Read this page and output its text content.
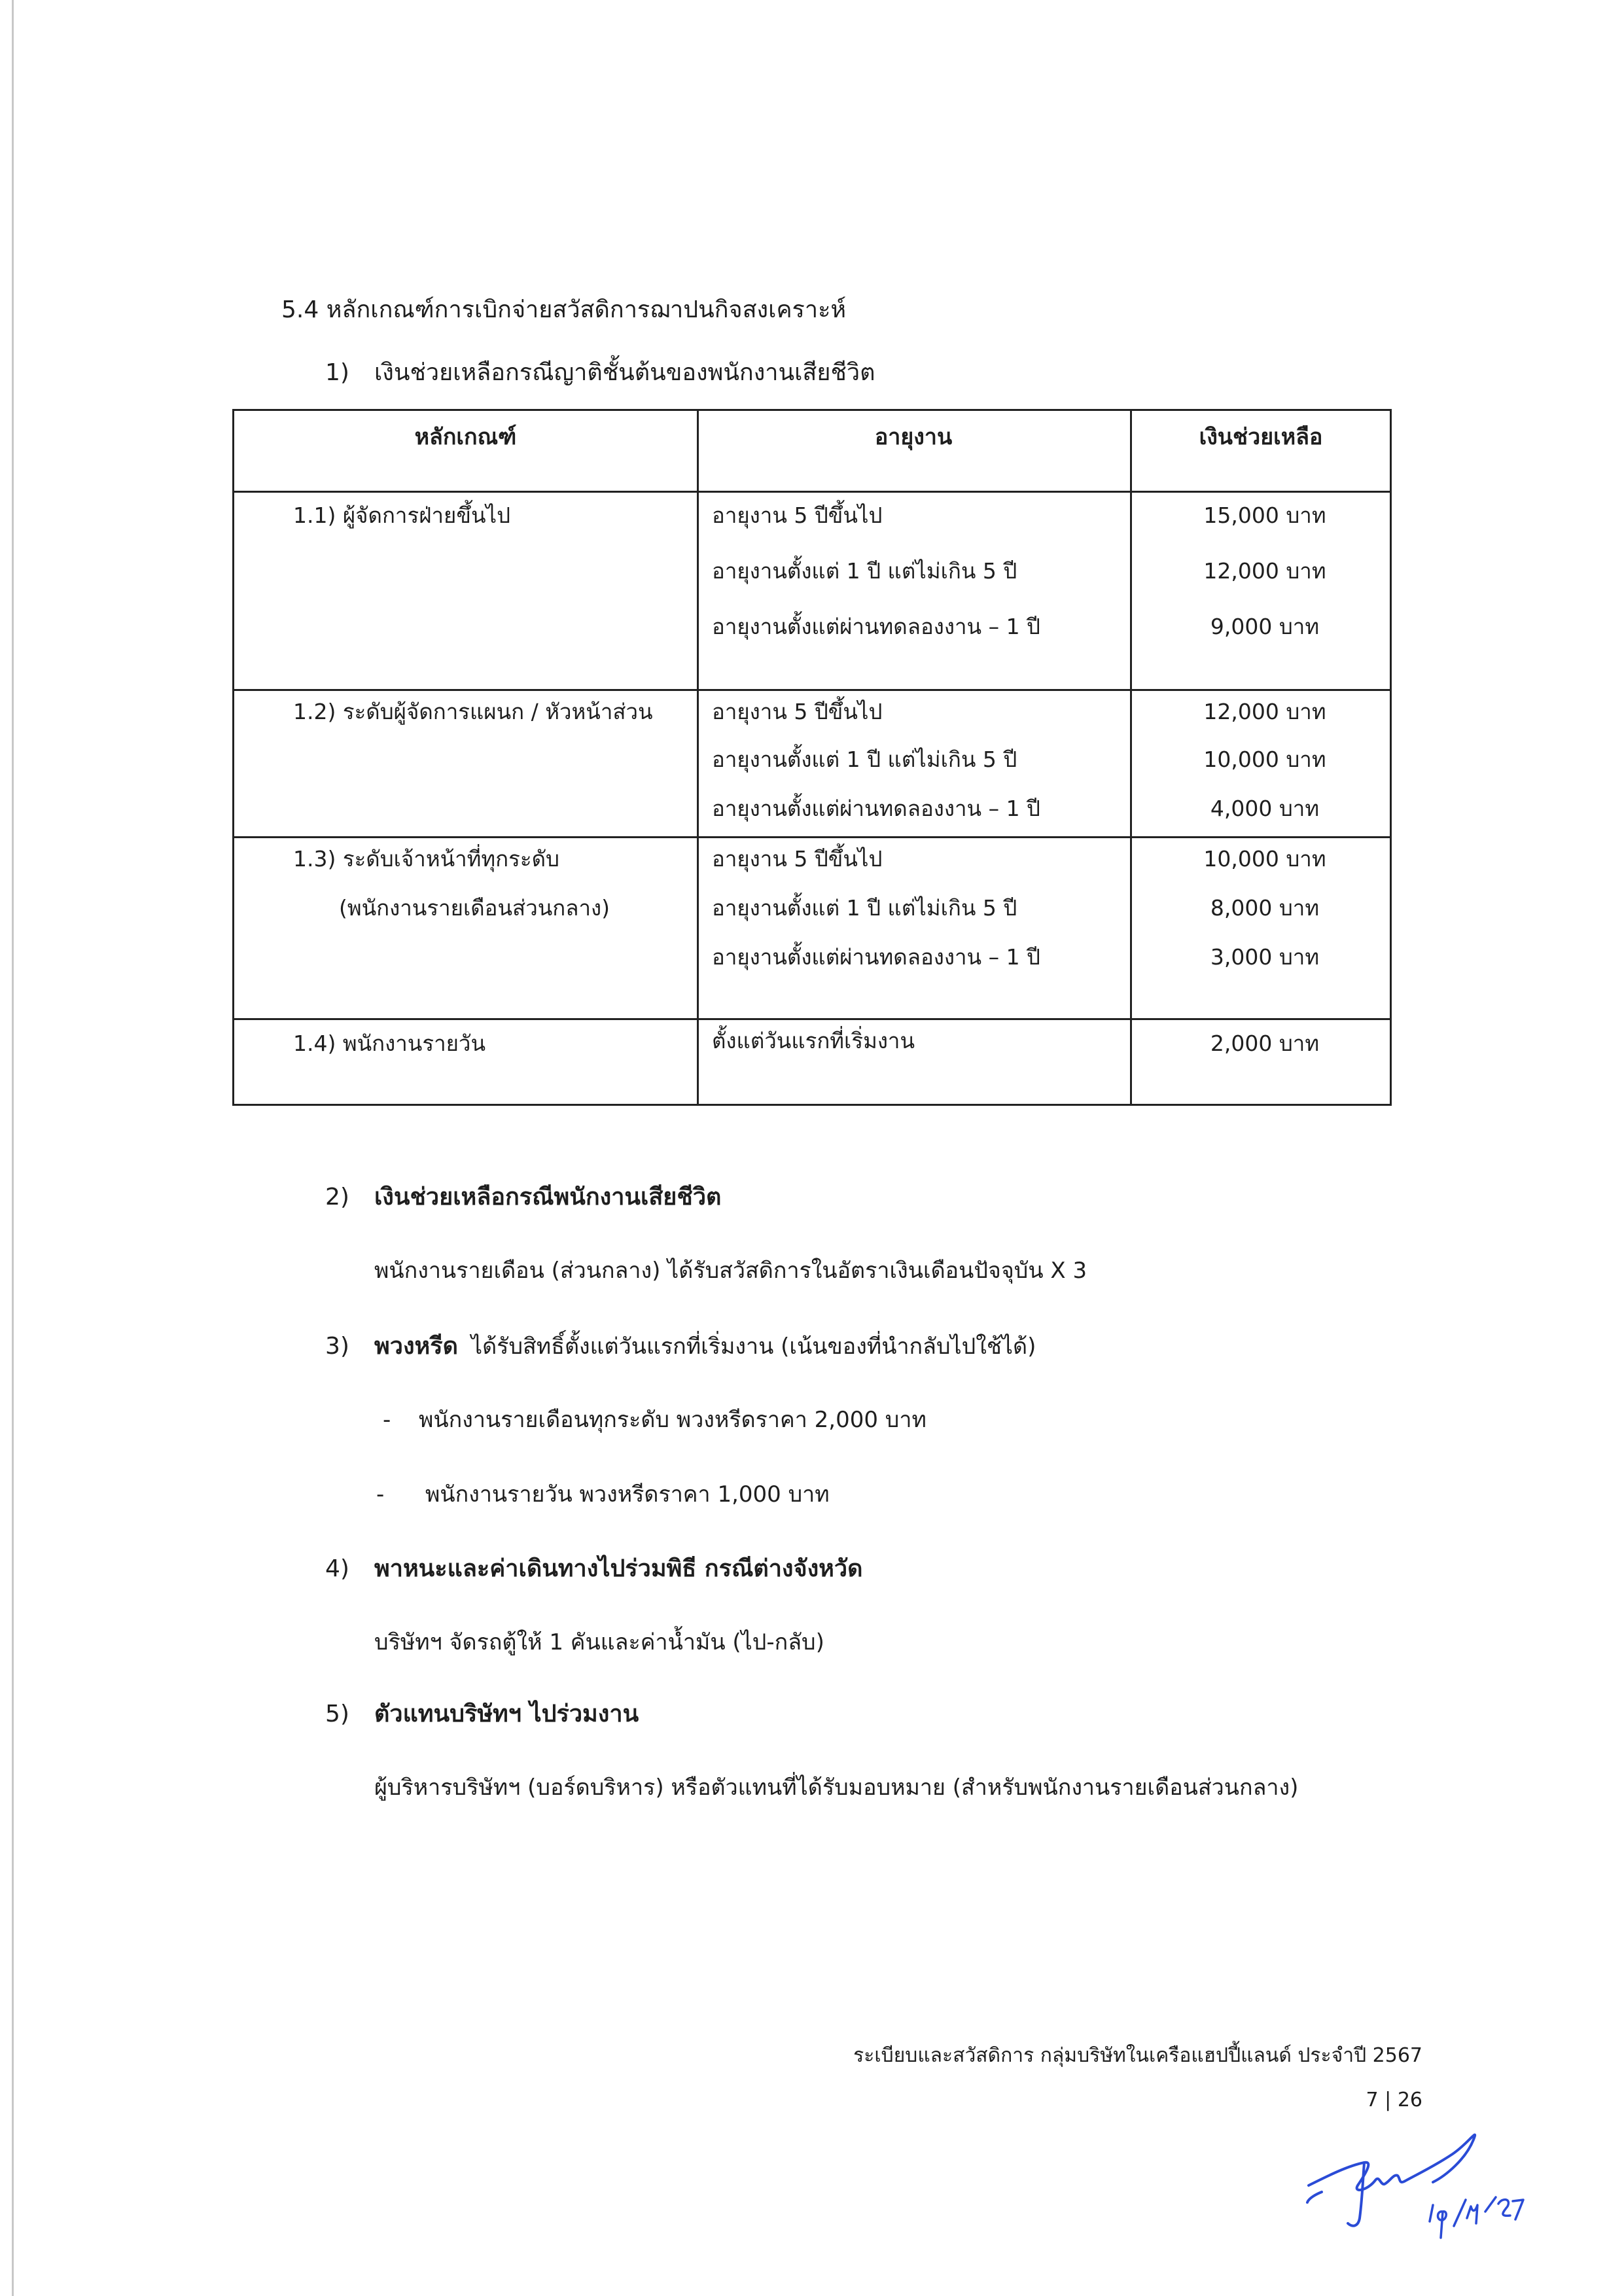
5.4 หลักเกณฑ์การเบิกจ่ายสวัสดิการฌาปนกิจสงเคราะห์
1) เงินช่วยเหลือกรณีญาติชั้นต้นของพนักงานเสียชีวิต
หลักเกณฑ์	อายุงาน	เงินช่วยเหลือ
1.1) ผู้จัดการฝ่ายขึ้นไป	อายุงาน 5 ปีขึ้นไป	15,000 บาท
อายุงานตั้งแต่ 1 ปี แต่ไม่เกิน 5 ปี	12,000 บาท
อายุงานตั้งแต่ผ่านทดลองงาน – 1 ปี	9,000 บาท
1.2) ระดับผู้จัดการแผนก / หัวหน้าส่วน	อายุงาน 5 ปีขึ้นไป	12,000 บาท
อายุงานตั้งแต่ 1 ปี แต่ไม่เกิน 5 ปี	10,000 บาท
อายุงานตั้งแต่ผ่านทดลองงาน – 1 ปี	4,000 บาท
1.3) ระดับเจ้าหน้าที่ทุกระดับ
(พนักงานรายเดือนส่วนกลาง)
อายุงาน 5 ปีขึ้นไป	10,000 บาท
อายุงานตั้งแต่ 1 ปี แต่ไม่เกิน 5 ปี	8,000 บาท
อายุงานตั้งแต่ผ่านทดลองงาน – 1 ปี	3,000 บาท
1.4) พนักงานรายวัน	ตั้งแต่วันแรกที่เริ่มงาน	2,000 บาท
2) เงินช่วยเหลือกรณีพนักงานเสียชีวิต
พนักงานรายเดือน (ส่วนกลาง) ได้รับสวัสดิการในอัตราเงินเดือนปัจจุบัน X 3
3) พวงหรีด ได้รับสิทธิ์ตั้งแต่วันแรกที่เริ่มงาน (เน้นของที่นำกลับไปใช้ได้)
- พนักงานรายเดือนทุกระดับ พวงหรีดราคา 2,000 บาท
- พนักงานรายวัน พวงหรีดราคา 1,000 บาท
4) พาหนะและค่าเดินทางไปร่วมพิธี กรณีต่างจังหวัด
บริษัทฯ จัดรถตู้ให้ 1 คันและค่าน้ำมัน (ไป-กลับ)
5) ตัวแทนบริษัทฯ ไปร่วมงาน
ผู้บริหารบริษัทฯ (บอร์ดบริหาร) หรือตัวแทนที่ได้รับมอบหมาย (สำหรับพนักงานรายเดือนส่วนกลาง)
ระเบียบและสวัสดิการ กลุ่มบริษัทในเครือแฮปปี้แลนด์ ประจำปี 2567
7 | 26
